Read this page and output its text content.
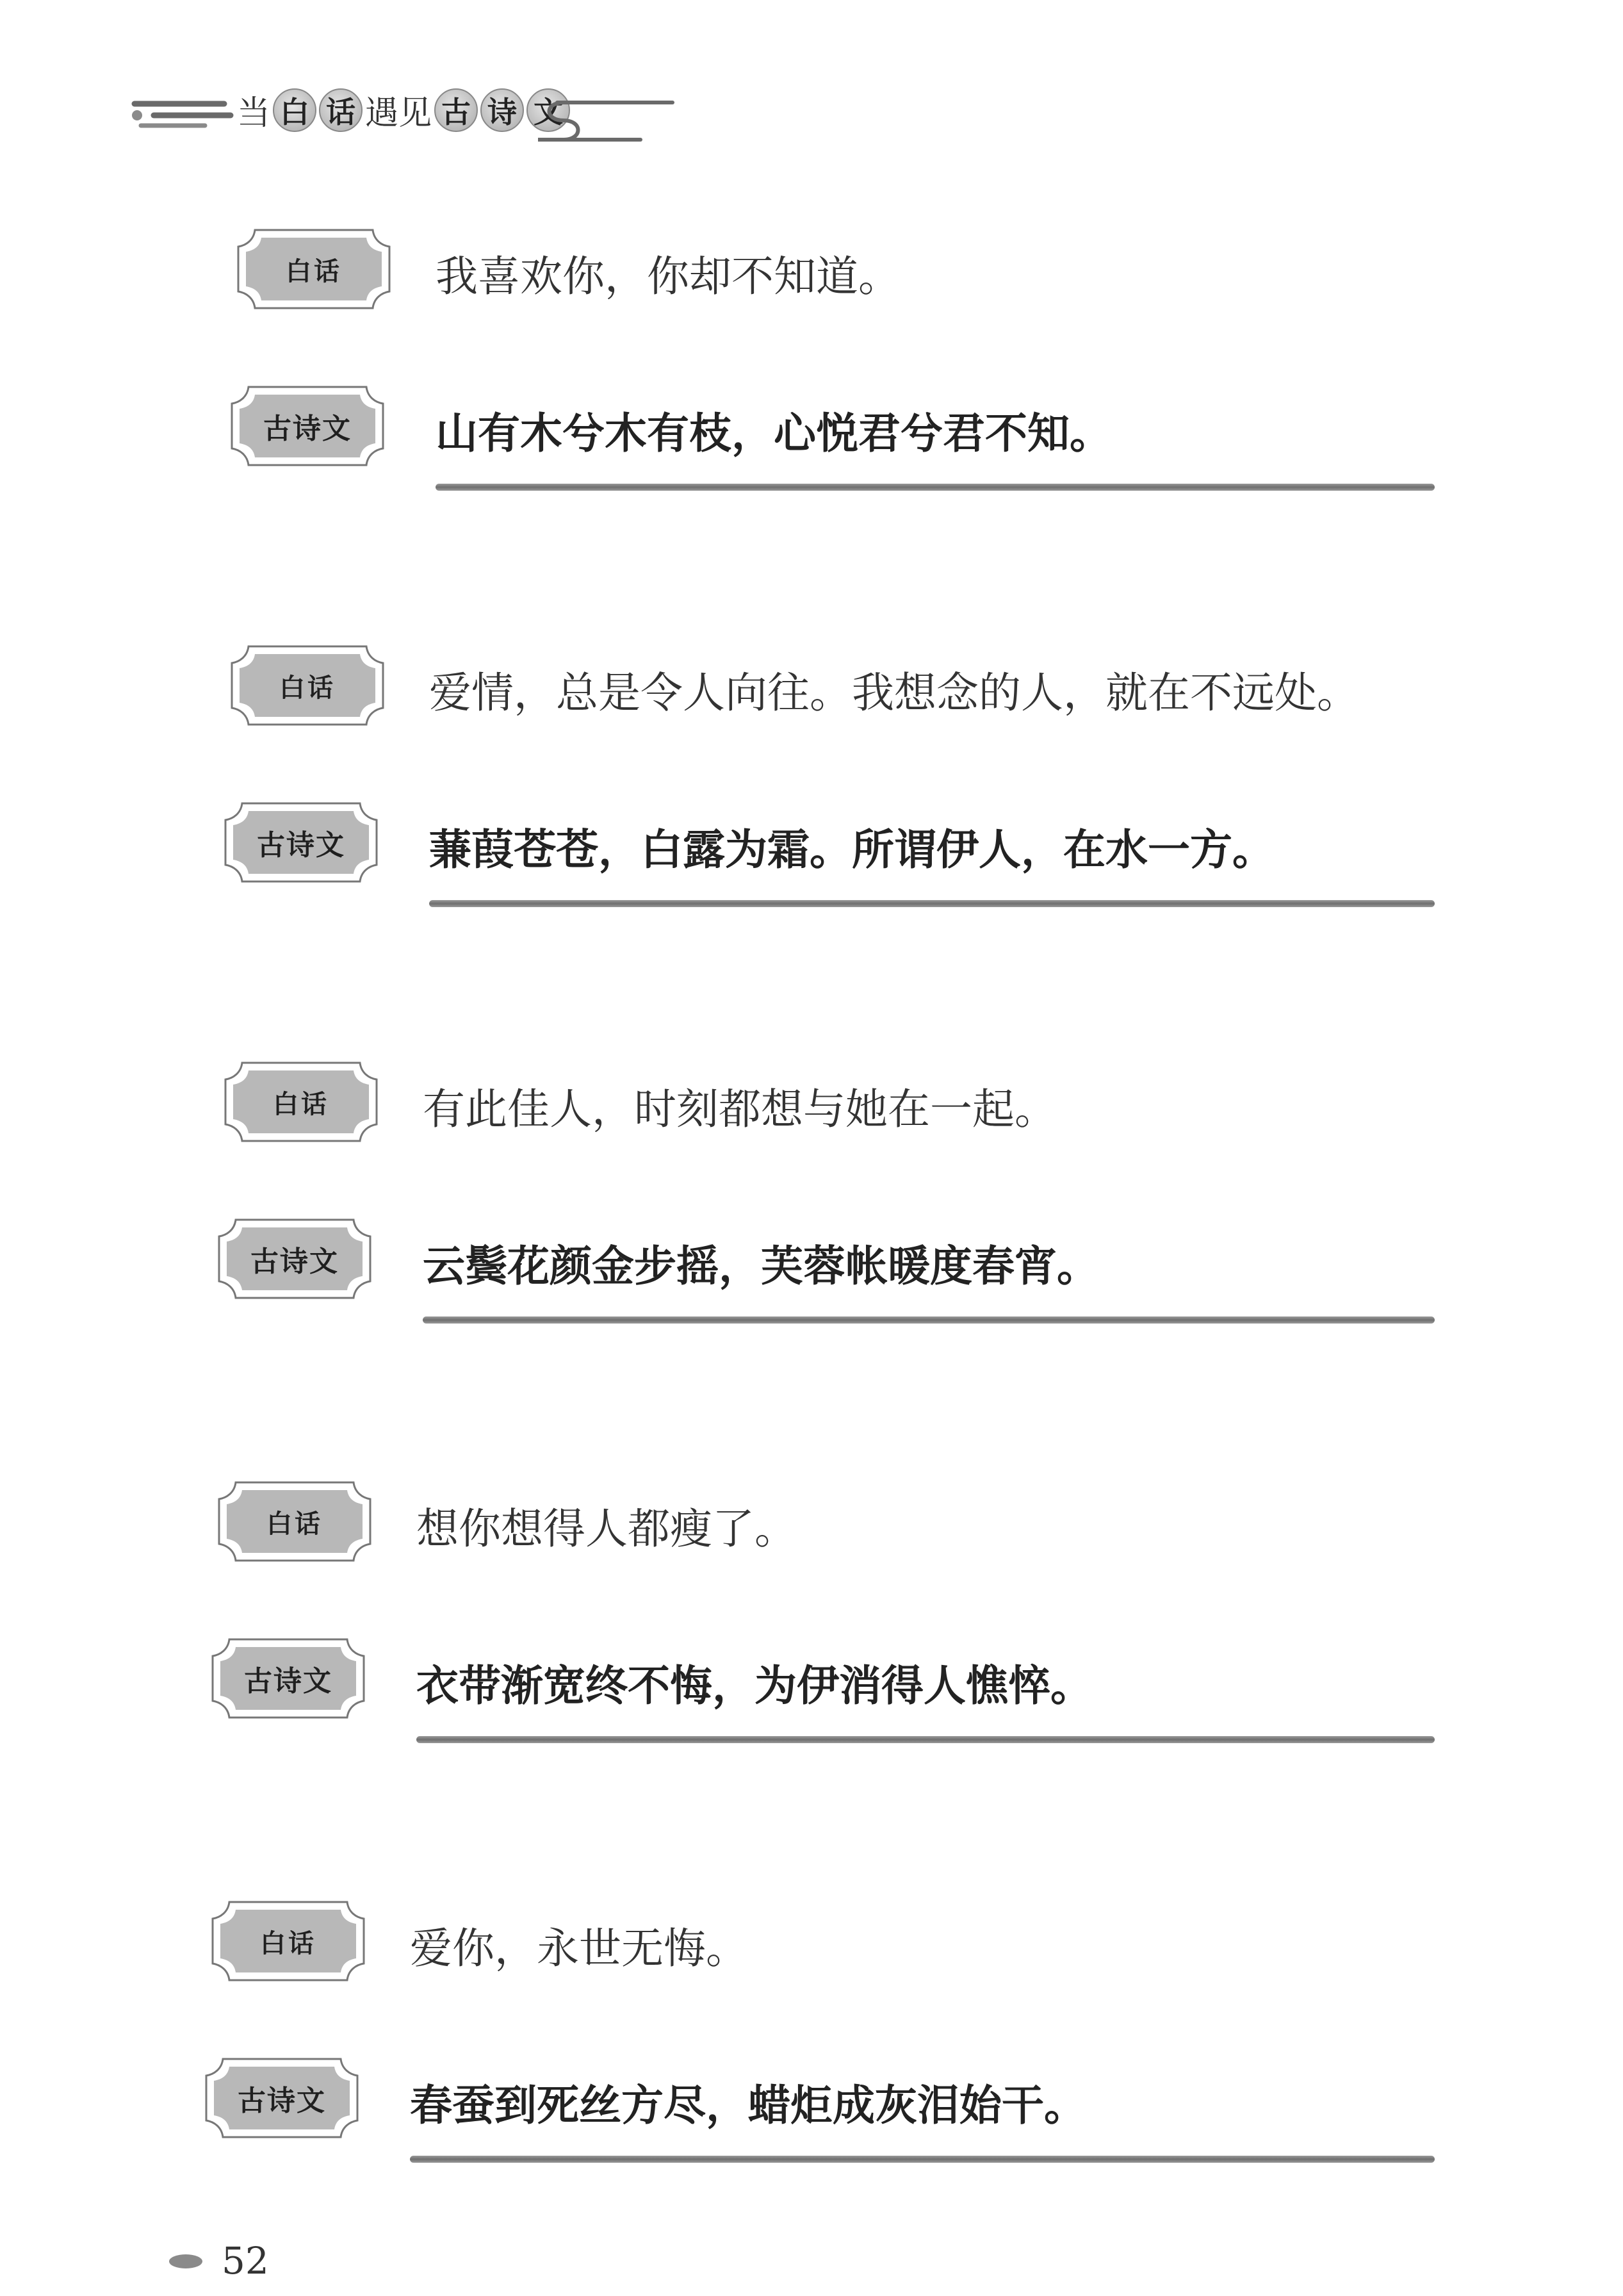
当 白 话 遇见 古 诗 文
白话 我喜欢你，你却不知道。
古诗文 山有木兮木有枝，心悦君兮君不知。
白话 爱情，总是令人向往。我想念的人，就在不远处。
古诗文 蒹葭苍苍，白露为霜。所谓伊人，在水一方。
白话 有此佳人，时刻都想与她在一起。
古诗文 云鬓花颜金步摇，芙蓉帐暖度春宵。
白话 想你想得人都瘦了。
古诗文 衣带渐宽终不悔，为伊消得人憔悴。
白话 爱你，永世无悔。
古诗文 春蚕到死丝方尽，蜡炬成灰泪始干。
52
